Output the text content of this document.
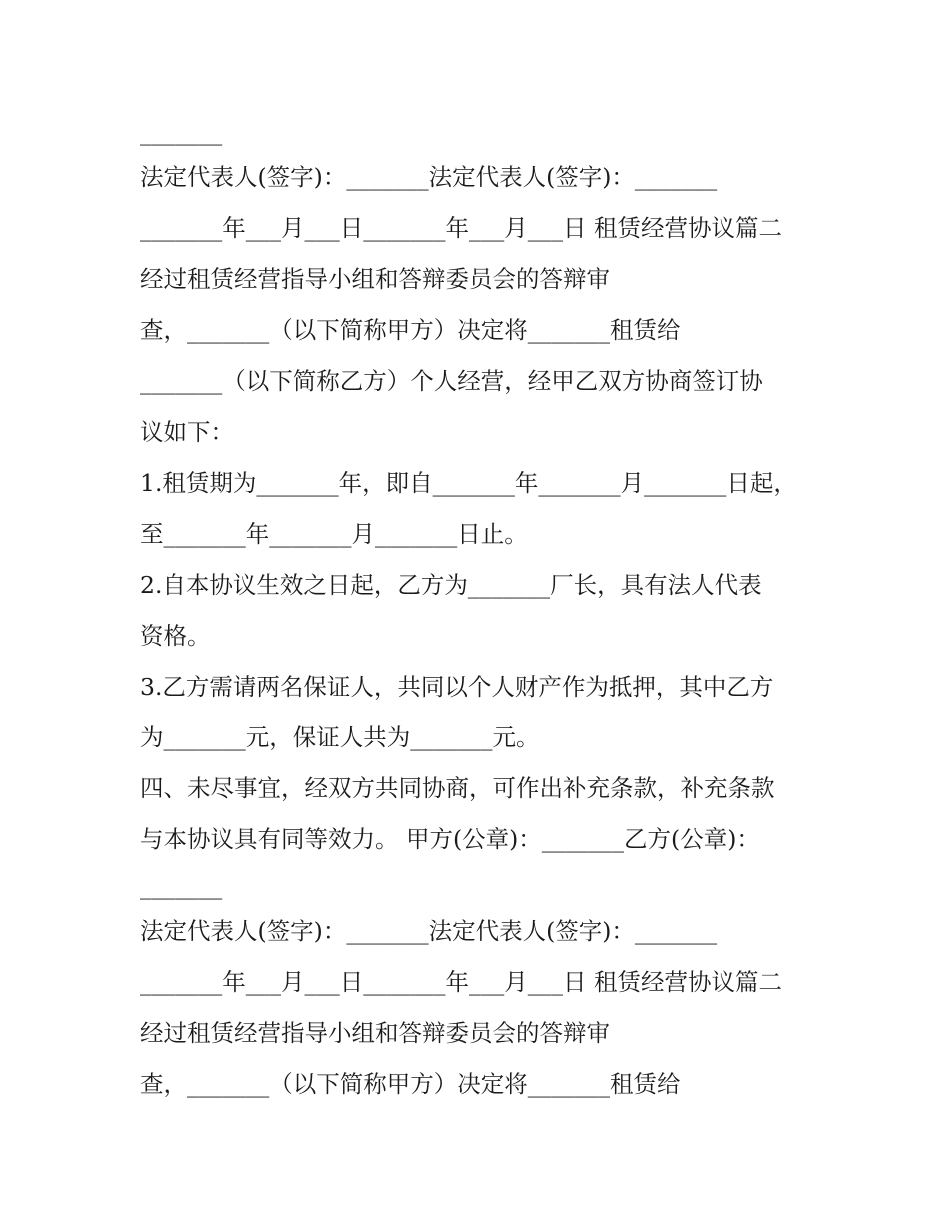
_______
法定代表人(签字)：_______法定代表人(签字)：_______
_______年___月___日_______年___月___日 租赁经营协议篇二
经过租赁经营指导小组和答辩委员会的答辩审
查，_______（以下简称甲方）决定将_______租赁给
_______（以下简称乙方）个人经营，经甲乙双方协商签订协
议如下：
1.租赁期为_______年，即自_______年_______月_______日起，
至_______年_______月_______日止。
2.自本协议生效之日起，乙方为_______厂长，具有法人代表
资格。
3.乙方需请两名保证人，共同以个人财产作为抵押，其中乙方
为_______元，保证人共为_______元。
四、未尽事宜，经双方共同协商，可作出补充条款，补充条款
与本协议具有同等效力。 甲方(公章)：_______乙方(公章)：
_______
法定代表人(签字)：_______法定代表人(签字)：_______
_______年___月___日_______年___月___日 租赁经营协议篇二
经过租赁经营指导小组和答辩委员会的答辩审
查，_______（以下简称甲方）决定将_______租赁给
